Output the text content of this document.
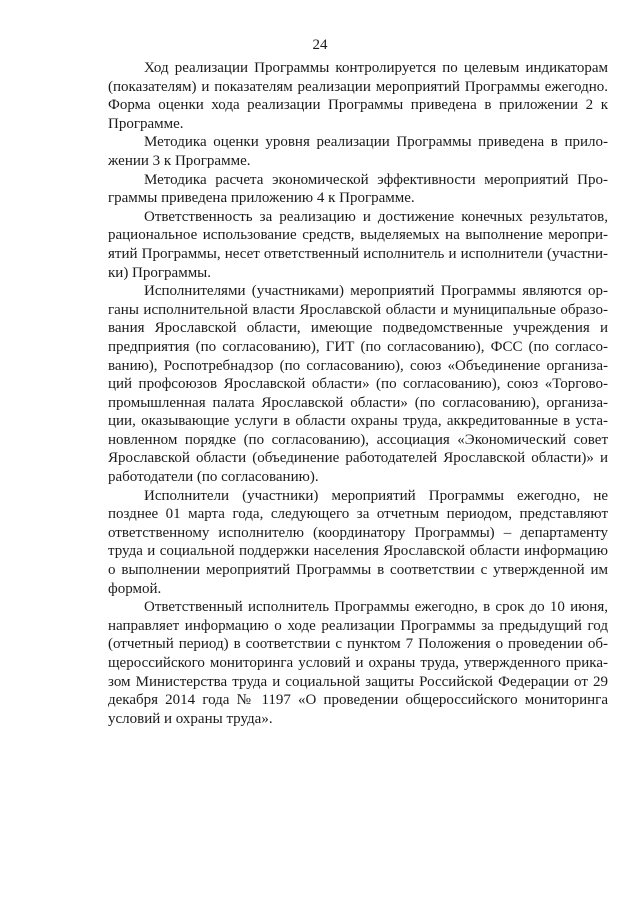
24

Ход реализации Программы контролируется по целевым индикаторам (показателям) и показателям реализации мероприятий Программы ежегодно. Форма оценки хода реализации Программы приведена в приложении 2 к Программе.

Методика оценки уровня реализации Программы приведена в приложении 3 к Программе.

Методика расчета экономической эффективности мероприятий Программы приведена приложению 4 к Программе.

Ответственность за реализацию и достижение конечных результатов, рациональное использование средств, выделяемых на выполнение мероприятий Программы, несет ответственный исполнитель и исполнители (участники) Программы.

Исполнителями (участниками) мероприятий Программы являются органы исполнительной власти Ярославской области и муниципальные образования Ярославской области, имеющие подведомственные учреждения и предприятия (по согласованию), ГИТ (по согласованию), ФСС (по согласованию), Роспотребнадзор (по согласованию), союз «Объединение организаций профсоюзов Ярославской области» (по согласованию), союз «Торгово-промышленная палата Ярославской области» (по согласованию), организации, оказывающие услуги в области охраны труда, аккредитованные в установленном порядке (по согласованию), ассоциация «Экономический совет Ярославской области (объединение работодателей Ярославской области)» и работодатели (по согласованию).

Исполнители (участники) мероприятий Программы ежегодно, не позднее 01 марта года, следующего за отчетным периодом, представляют ответственному исполнителю (координатору Программы) – департаменту труда и социальной поддержки населения Ярославской области информацию о выполнении мероприятий Программы в соответствии с утвержденной им формой.

Ответственный исполнитель Программы ежегодно, в срок до 10 июня, направляет информацию о ходе реализации Программы за предыдущий год (отчетный период) в соответствии с пунктом 7 Положения о проведении общероссийского мониторинга условий и охраны труда, утвержденного приказом Министерства труда и социальной защиты Российской Федерации от 29 декабря 2014 года № 1197 «О проведении общероссийского мониторинга условий и охраны труда».
